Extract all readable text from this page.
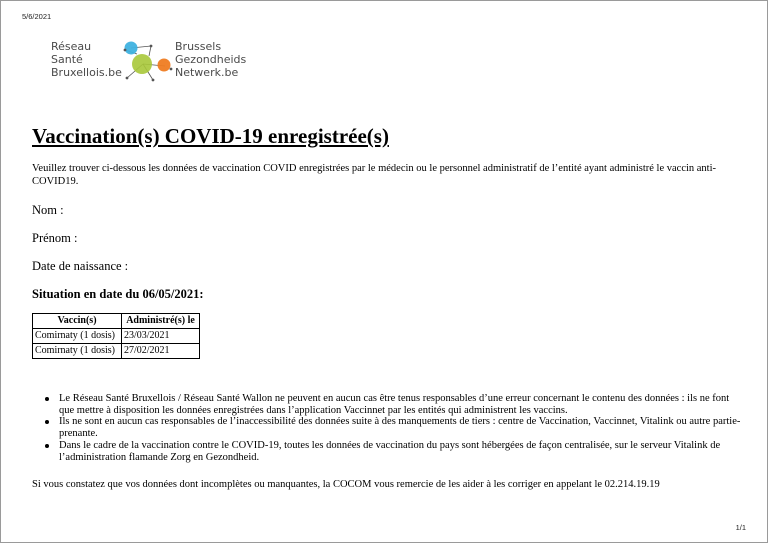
5/6/2021
Réseau
Santé
Bruxellois.be
Brussels
Gezondheids
Netwerk.be
Vaccination(s) COVID-19 enregistrée(s)

Veuillez trouver ci-dessous les données de vaccination COVID enregistrées par le médecin ou le personnel administratif de l’entité ayant administré le vaccin anti-COVID19.

Nom :

Prénom :

Date de naissance :

Situation en date du 06/05/2021:

Vaccin(s)	Administré(s) le
Comirnaty (1 dosis)	23/03/2021
Comirnaty (1 dosis)	27/02/2021
Le Réseau Santé Bruxellois / Réseau Santé Wallon ne peuvent en aucun cas être tenus responsables d’une erreur concernant le contenu des données : ils ne font que mettre à disposition les données enregistrées dans l’application Vaccinnet par les entités qui administrent les vaccins.
Ils ne sont en aucun cas responsables de l’inaccessibilité des données suite à des manquements de tiers : centre de Vaccination, Vaccinnet, Vitalink ou autre partie-prenante.
Dans le cadre de la vaccination contre le COVID-19, toutes les données de vaccination du pays sont hébergées de façon centralisée, sur le serveur Vitalink de l’administration flamande Zorg en Gezondheid.

Si vous constatez que vos données dont incomplètes ou manquantes, la COCOM vous remercie de les aider à les corriger en appelant le 02.214.19.19

1/1
